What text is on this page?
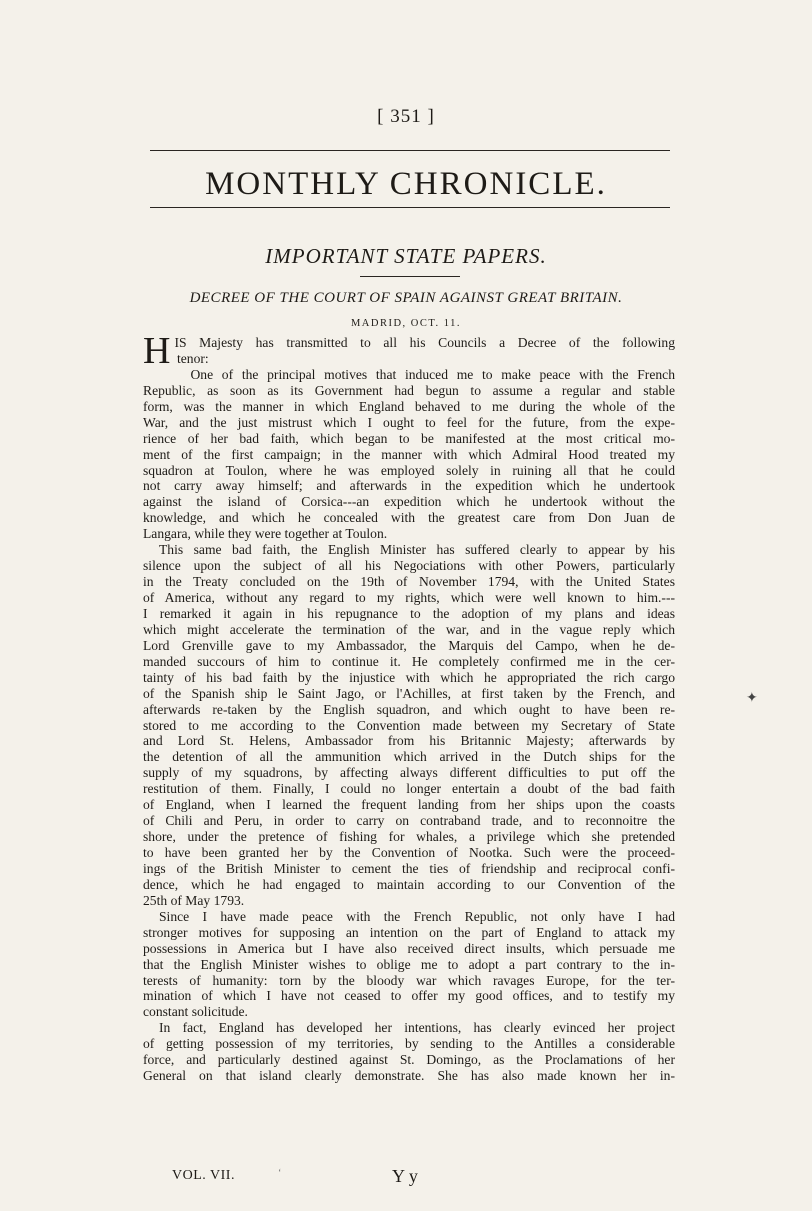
[ 351 ]
MONTHLY CHRONICLE.
IMPORTANT STATE PAPERS.
DECREE OF THE COURT OF SPAIN AGAINST GREAT BRITAIN.
MADRID, OCT. 11.
H IS Majesty has transmitted to all his Councils a Decree of the following
tenor:
One of the principal motives that induced me to make peace with the French
Republic, as soon as its Government had begun to assume a regular and stable
form, was the manner in which England behaved to me during the whole of the
War, and the just mistrust which I ought to feel for the future, from the expe-
rience of her bad faith, which began to be manifested at the most critical mo-
ment of the first campaign; in the manner with which Admiral Hood treated my
squadron at Toulon, where he was employed solely in ruining all that he could
not carry away himself; and afterwards in the expedition which he undertook
against the island of Corsica---an expedition which he undertook without the
knowledge, and which he concealed with the greatest care from Don Juan de
Langara, while they were together at Toulon.
This same bad faith, the English Minister has suffered clearly to appear by his
silence upon the subject of all his Negociations with other Powers, particularly
in the Treaty concluded on the 19th of November 1794, with the United States
of America, without any regard to my rights, which were well known to him.---
I remarked it again in his repugnance to the adoption of my plans and ideas
which might accelerate the termination of the war, and in the vague reply which
Lord Grenville gave to my Ambassador, the Marquis del Campo, when he de-
manded succours of him to continue it. He completely confirmed me in the cer-
tainty of his bad faith by the injustice with which he appropriated the rich cargo
of the Spanish ship le Saint Jago, or l'Achilles, at first taken by the French, and
afterwards re-taken by the English squadron, and which ought to have been re-
stored to me according to the Convention made between my Secretary of State
and Lord St. Helens, Ambassador from his Britannic Majesty; afterwards by
the detention of all the ammunition which arrived in the Dutch ships for the
supply of my squadrons, by affecting always different difficulties to put off the
restitution of them. Finally, I could no longer entertain a doubt of the bad faith
of England, when I learned the frequent landing from her ships upon the coasts
of Chili and Peru, in order to carry on contraband trade, and to reconnoitre the
shore, under the pretence of fishing for whales, a privilege which she pretended
to have been granted her by the Convention of Nootka. Such were the proceed-
ings of the British Minister to cement the ties of friendship and reciprocal confi-
dence, which he had engaged to maintain according to our Convention of the
25th of May 1793.
Since I have made peace with the French Republic, not only have I had
stronger motives for supposing an intention on the part of England to attack my
possessions in America but I have also received direct insults, which persuade me
that the English Minister wishes to oblige me to adopt a part contrary to the in-
terests of humanity: torn by the bloody war which ravages Europe, for the ter-
mination of which I have not ceased to offer my good offices, and to testify my
constant solicitude.
In fact, England has developed her intentions, has clearly evinced her project
of getting possession of my territories, by sending to the Antilles a considerable
force, and particularly destined against St. Domingo, as the Proclamations of her
General on that island clearly demonstrate. She has also made known her in-
✦
VOL. VII.	‘	Y y
